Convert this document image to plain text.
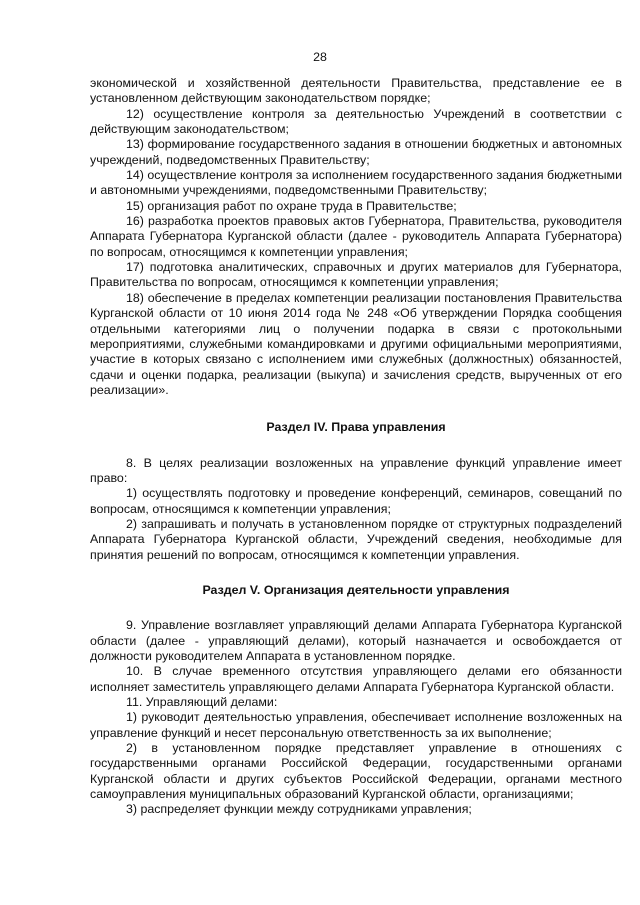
28

экономической и хозяйственной деятельности Правительства, представление ее в установленном действующим законодательством порядке;

12) осуществление контроля за деятельностью Учреждений в соответствии с действующим законодательством;

13) формирование государственного задания в отношении бюджетных и автономных учреждений, подведомственных Правительству;

14) осуществление контроля за исполнением государственного задания бюджетными и автономными учреждениями, подведомственными Правительству;

15) организация работ по охране труда в Правительстве;

16) разработка проектов правовых актов Губернатора, Правительства, руководителя Аппарата Губернатора Курганской области (далее - руководитель Аппарата Губернатора) по вопросам, относящимся к компетенции управления;

17) подготовка аналитических, справочных и других материалов для Губернатора, Правительства по вопросам, относящимся к компетенции управления;

18) обеспечение в пределах компетенции реализации постановления Правительства Курганской области от 10 июня 2014 года № 248 «Об утверждении Порядка сообщения отдельными категориями лиц о получении подарка в связи с протокольными мероприятиями, служебными командировками и другими официальными мероприятиями, участие в которых связано с исполнением ими служебных (должностных) обязанностей, сдачи и оценки подарка, реализации (выкупа) и зачисления средств, вырученных от его реализации».

Раздел IV. Права управления

8. В целях реализации возложенных на управление функций управление имеет право:

1) осуществлять подготовку и проведение конференций, семинаров, совещаний по вопросам, относящимся к компетенции управления;

2) запрашивать и получать в установленном порядке от структурных подразделений Аппарата Губернатора Курганской области, Учреждений сведения, необходимые для принятия решений по вопросам, относящимся к компетенции управления.

Раздел V. Организация деятельности управления

9. Управление возглавляет управляющий делами Аппарата Губернатора Курганской области (далее - управляющий делами), который назначается и освобождается от должности руководителем Аппарата в установленном порядке.

10. В случае временного отсутствия управляющего делами его обязанности исполняет заместитель управляющего делами Аппарата Губернатора Курганской области.

11. Управляющий делами:

1) руководит деятельностью управления, обеспечивает исполнение возложенных на управление функций и несет персональную ответственность за их выполнение;

2) в установленном порядке представляет управление в отношениях с государственными органами Российской Федерации, государственными органами Курганской области и других субъектов Российской Федерации, органами местного самоуправления муниципальных образований Курганской области, организациями;

3) распределяет функции между сотрудниками управления;
